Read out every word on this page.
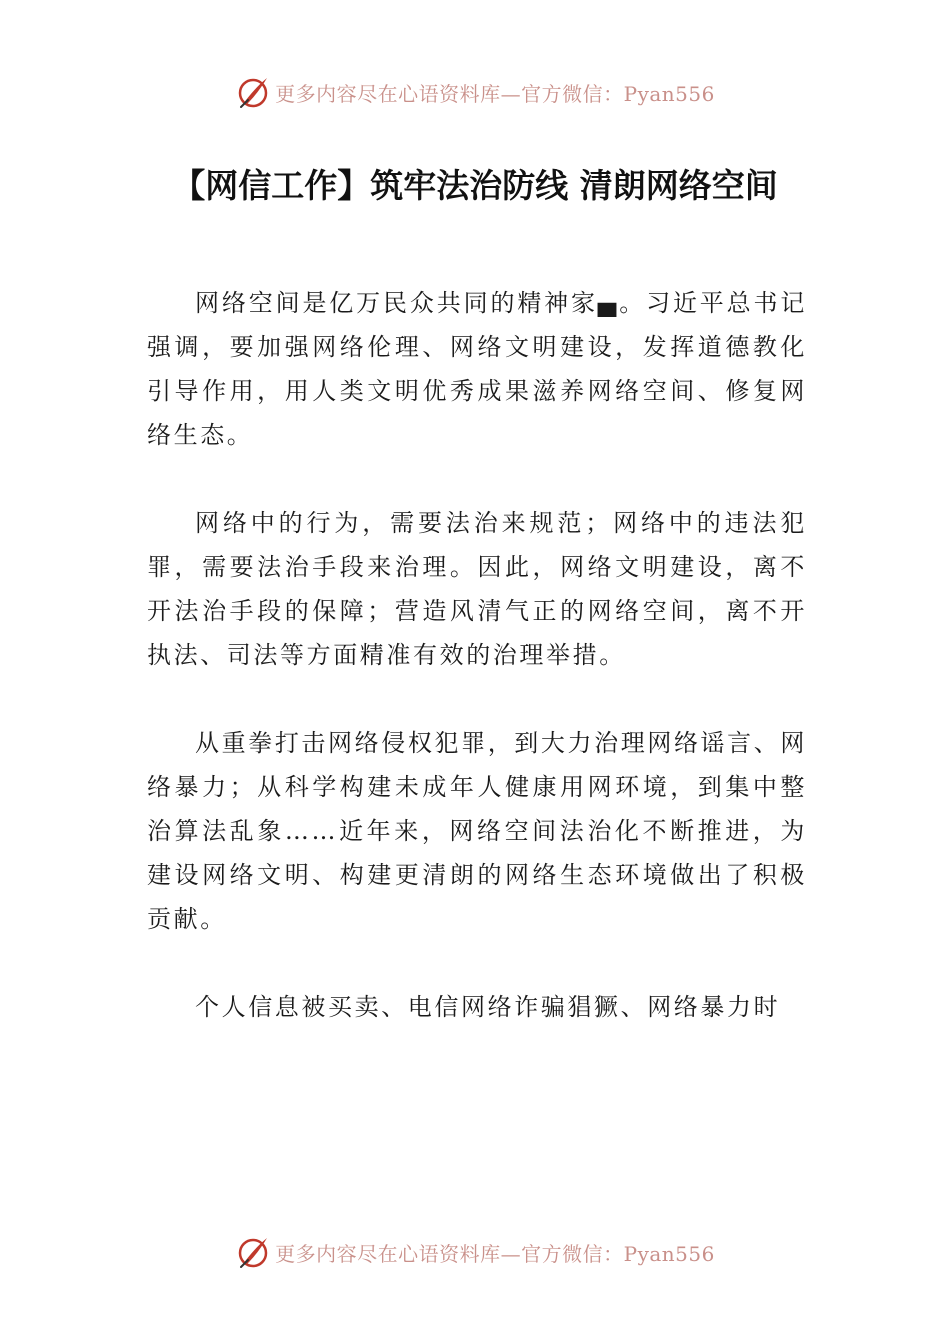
更多内容尽在心语资料库—官方微信：Pyan556
【网信工作】筑牢法治防线 清朗网络空间

网络空间是亿万民众共同的精神家▄。习近平总书记强调，要加强网络伦理、网络文明建设，发挥道德教化引导作用，用人类文明优秀成果滋养网络空间、修复网络生态。

网络中的行为，需要法治来规范；网络中的违法犯罪，需要法治手段来治理。因此，网络文明建设，离不开法治手段的保障；营造风清气正的网络空间，离不开执法、司法等方面精准有效的治理举措。

从重拳打击网络侵权犯罪，到大力治理网络谣言、网络暴力；从科学构建未成年人健康用网环境，到集中整治算法乱象……近年来，网络空间法治化不断推进，为建设网络文明、构建更清朗的网络生态环境做出了积极贡献。

个人信息被买卖、电信网络诈骗猖獗、网络暴力时

更多内容尽在心语资料库—官方微信：Pyan556
